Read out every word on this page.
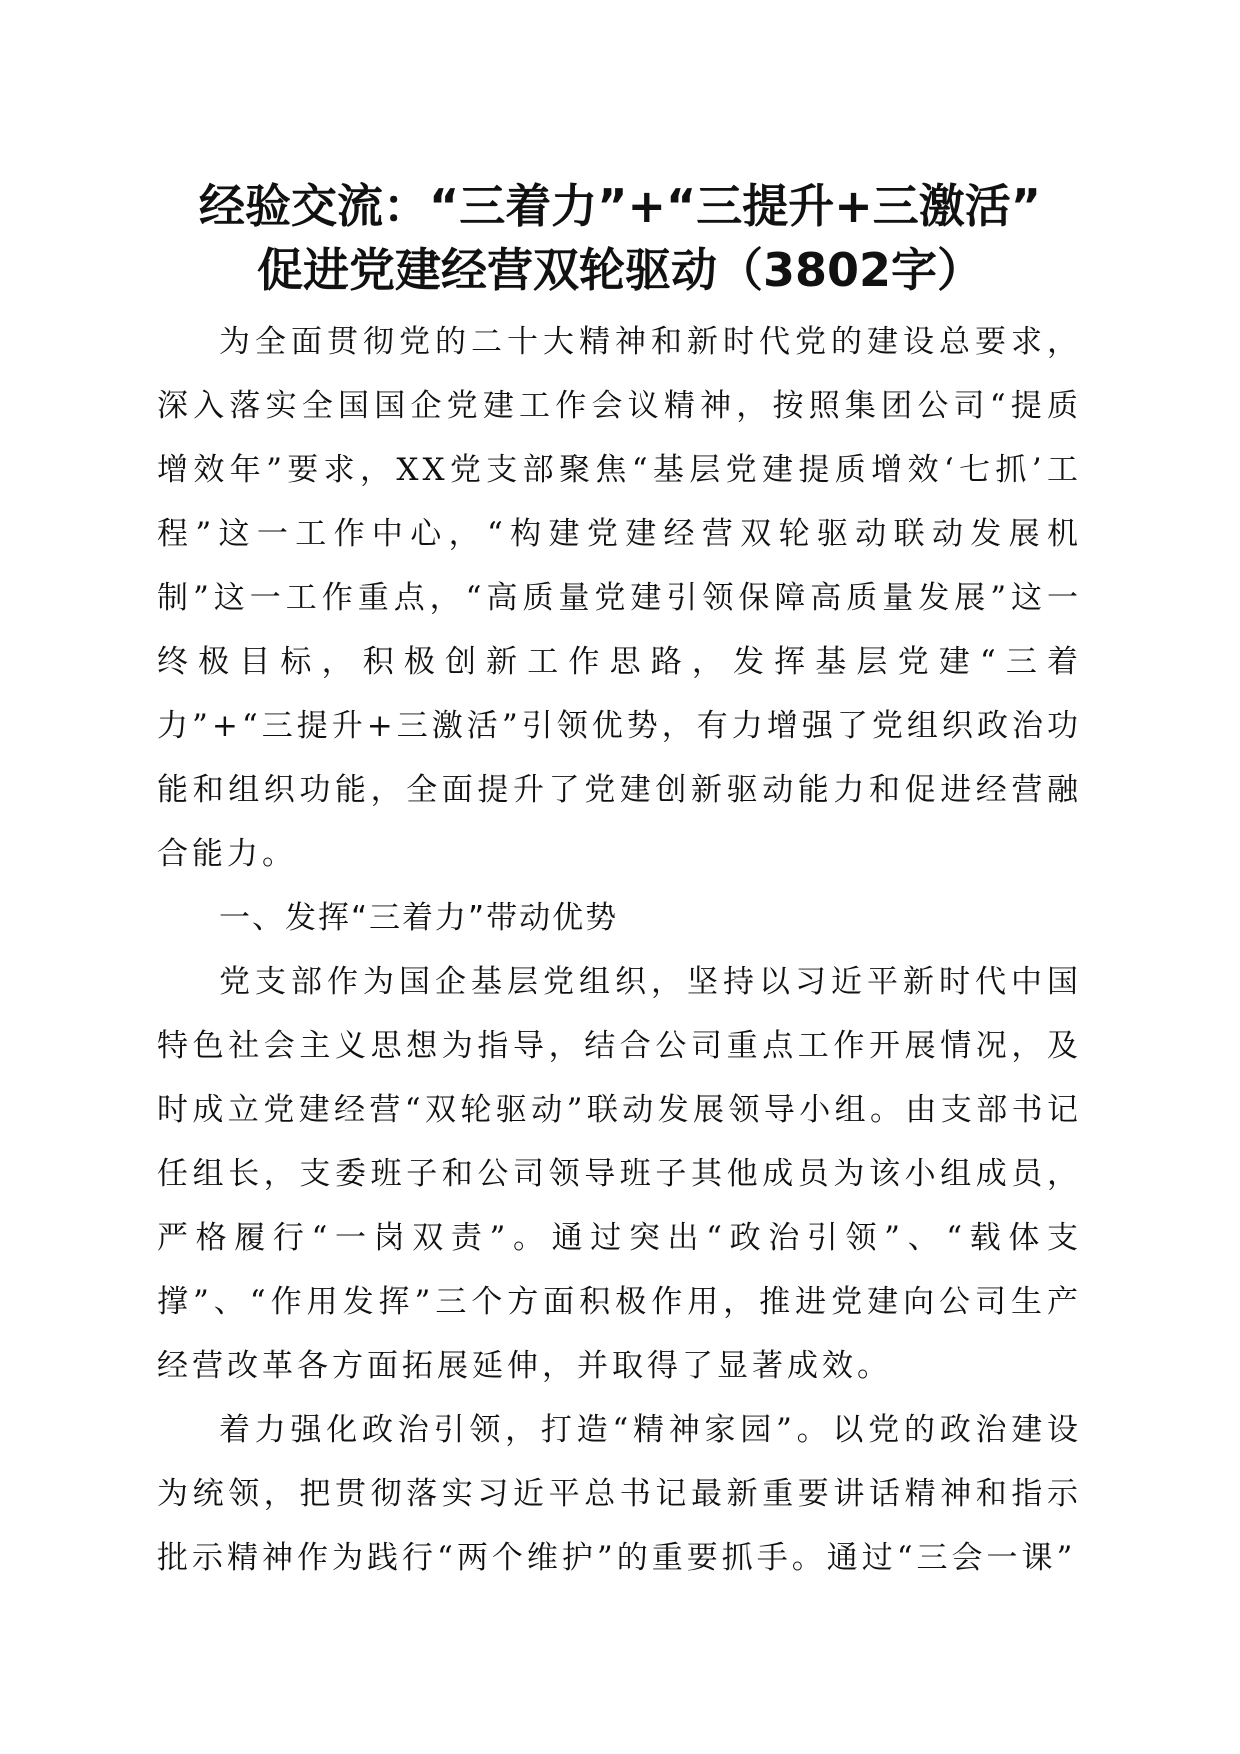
经验交流：“三着力”+“三提升+三激活”
促进党建经营双轮驱动（3802字）

为全面贯彻党的二十大精神和新时代党的建设总要求，深入落实全国国企党建工作会议精神，按照集团公司“提质增效年”要求，XX党支部聚焦“基层党建提质增效‘七抓’工程”这一工作中心，“构建党建经营双轮驱动联动发展机制”这一工作重点，“高质量党建引领保障高质量发展”这一终极目标，积极创新工作思路，发挥基层党建“三着力”+“三提升+三激活”引领优势，有力增强了党组织政治功能和组织功能，全面提升了党建创新驱动能力和促进经营融合能力。

一、发挥“三着力”带动优势

党支部作为国企基层党组织，坚持以习近平新时代中国特色社会主义思想为指导，结合公司重点工作开展情况，及时成立党建经营“双轮驱动”联动发展领导小组。由支部书记任组长，支委班子和公司领导班子其他成员为该小组成员，严格履行“一岗双责”。通过突出“政治引领”、“载体支撑”、“作用发挥”三个方面积极作用，推进党建向公司生产经营改革各方面拓展延伸，并取得了显著成效。

着力强化政治引领，打造“精神家园”。以党的政治建设为统领，把贯彻落实习近平总书记最新重要讲话精神和指示批示精神作为践行“两个维护”的重要抓手。通过“三会一课”
